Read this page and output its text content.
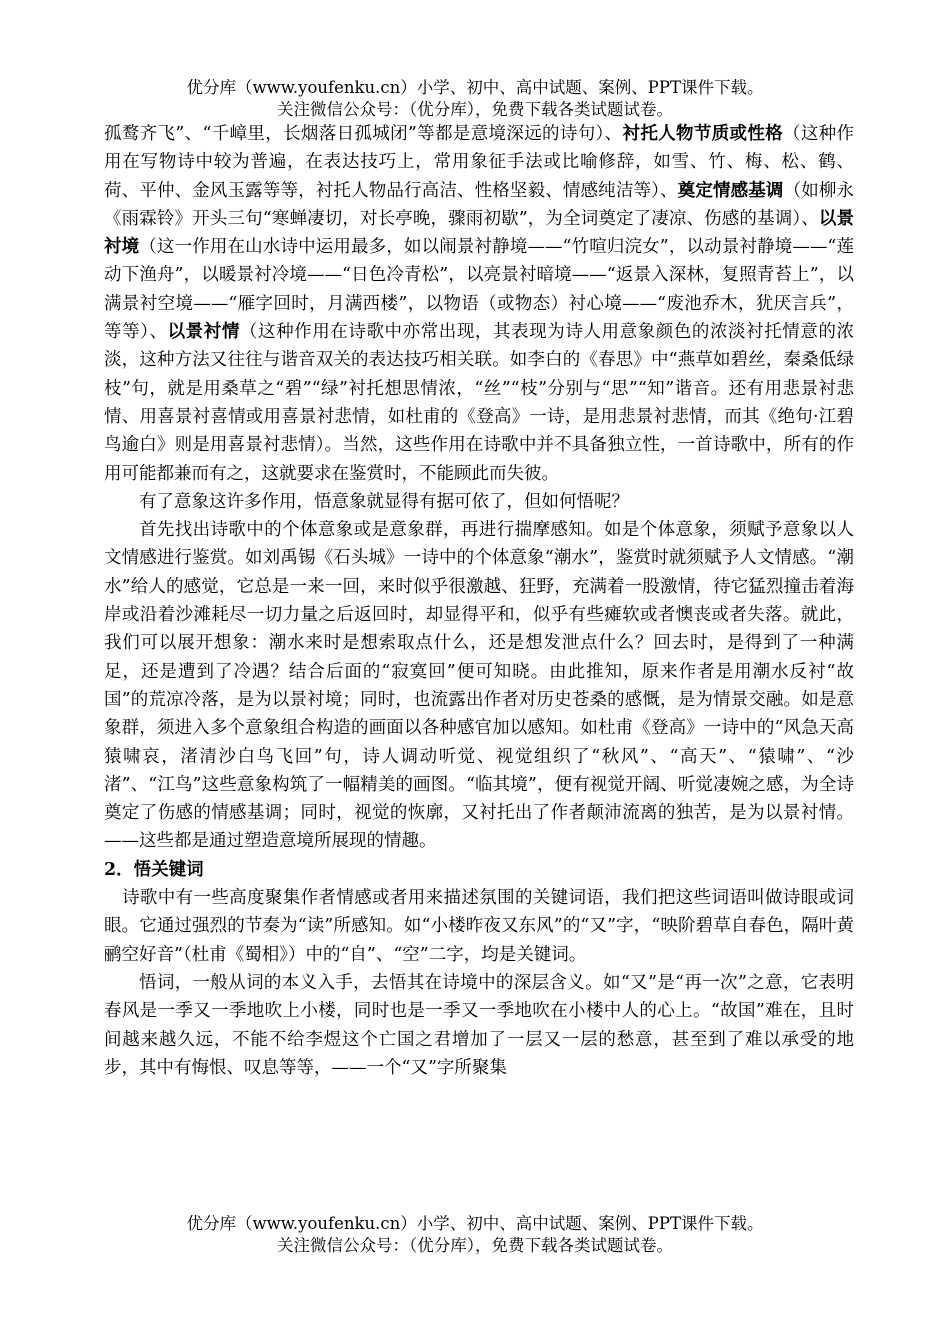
优分库（www.youfenku.cn）小学、初中、高中试题、案例、PPT课件下载。
关注微信公众号：（优分库），免费下载各类试题试卷。

孤鹜齐飞”、“千嶂里，长烟落日孤城闭”等都是意境深远的诗句）、衬托人物节质或性格（这种作用在写物诗中较为普遍，在表达技巧上，常用象征手法或比喻修辞，如雪、竹、梅、松、鹤、荷、平仲、金风玉露等等，衬托人物品行高洁、性格坚毅、情感纯洁等）、奠定情感基调（如柳永《雨霖铃》开头三句“寒蝉凄切，对长亭晚，骤雨初歇”，为全词奠定了凄凉、伤感的基调）、以景衬境（这一作用在山水诗中运用最多，如以闹景衬静境——“竹喧归浣女”，以动景衬静境——“莲动下渔舟”，以暖景衬冷境——“日色冷青松”，以亮景衬暗境——“返景入深林，复照青苔上”，以满景衬空境——“雁字回时，月满西楼”，以物语（或物态）衬心境——“废池乔木，犹厌言兵”，等等）、以景衬情（这种作用在诗歌中亦常出现，其表现为诗人用意象颜色的浓淡衬托情意的浓淡，这种方法又往往与谐音双关的表达技巧相关联。如李白的《春思》中“燕草如碧丝，秦桑低绿枝”句，就是用桑草之“碧”“绿”衬托想思情浓，“丝”“枝”分别与“思”“知”谐音。还有用悲景衬悲情、用喜景衬喜情或用喜景衬悲情，如杜甫的《登高》一诗，是用悲景衬悲情，而其《绝句·江碧鸟逾白》则是用喜景衬悲情）。当然，这些作用在诗歌中并不具备独立性，一首诗歌中，所有的作用可能都兼而有之，这就要求在鉴赏时，不能顾此而失彼。

有了意象这许多作用，悟意象就显得有据可依了，但如何悟呢？

首先找出诗歌中的个体意象或是意象群，再进行揣摩感知。如是个体意象，须赋予意象以人文情感进行鉴赏。如刘禹锡《石头城》一诗中的个体意象“潮水”，鉴赏时就须赋予人文情感。“潮水”给人的感觉，它总是一来一回，来时似乎很激越、狂野，充满着一股激情，待它猛烈撞击着海岸或沿着沙滩耗尽一切力量之后返回时，却显得平和，似乎有些瘫软或者懊丧或者失落。就此，我们可以展开想象：潮水来时是想索取点什么，还是想发泄点什么？回去时，是得到了一种满足，还是遭到了冷遇？结合后面的“寂寞回”便可知晓。由此推知，原来作者是用潮水反衬“故国”的荒凉冷落，是为以景衬境；同时，也流露出作者对历史苍桑的感慨，是为情景交融。如是意象群，须进入多个意象组合构造的画面以各种感官加以感知。如杜甫《登高》一诗中的“风急天高猿啸哀，渚清沙白鸟飞回”句，诗人调动听觉、视觉组织了“秋风”、“高天”、“猿啸”、“沙渚”、“江鸟”这些意象构筑了一幅精美的画图。“临其境”，便有视觉开阔、听觉凄婉之感，为全诗奠定了伤感的情感基调；同时，视觉的恢廓，又衬托出了作者颠沛流离的独苦，是为以景衬情。——这些都是通过塑造意境所展现的情趣。

2．悟关键词

诗歌中有一些高度聚集作者情感或者用来描述氛围的关键词语，我们把这些词语叫做诗眼或词眼。它通过强烈的节奏为“读”所感知。如“小楼昨夜又东风”的“又”字，“映阶碧草自春色，隔叶黄鹂空好音”（杜甫《蜀相》）中的“自”、“空”二字，均是关键词。

悟词，一般从词的本义入手，去悟其在诗境中的深层含义。如“又”是“再一次”之意，它表明春风是一季又一季地吹上小楼，同时也是一季又一季地吹在小楼中人的心上。“故国”难在，且时间越来越久远，不能不给李煜这个亡国之君增加了一层又一层的愁意，甚至到了难以承受的地步，其中有悔恨、叹息等等，——一个“又”字所聚集

优分库（www.youfenku.cn）小学、初中、高中试题、案例、PPT课件下载。
关注微信公众号：（优分库），免费下载各类试题试卷。
